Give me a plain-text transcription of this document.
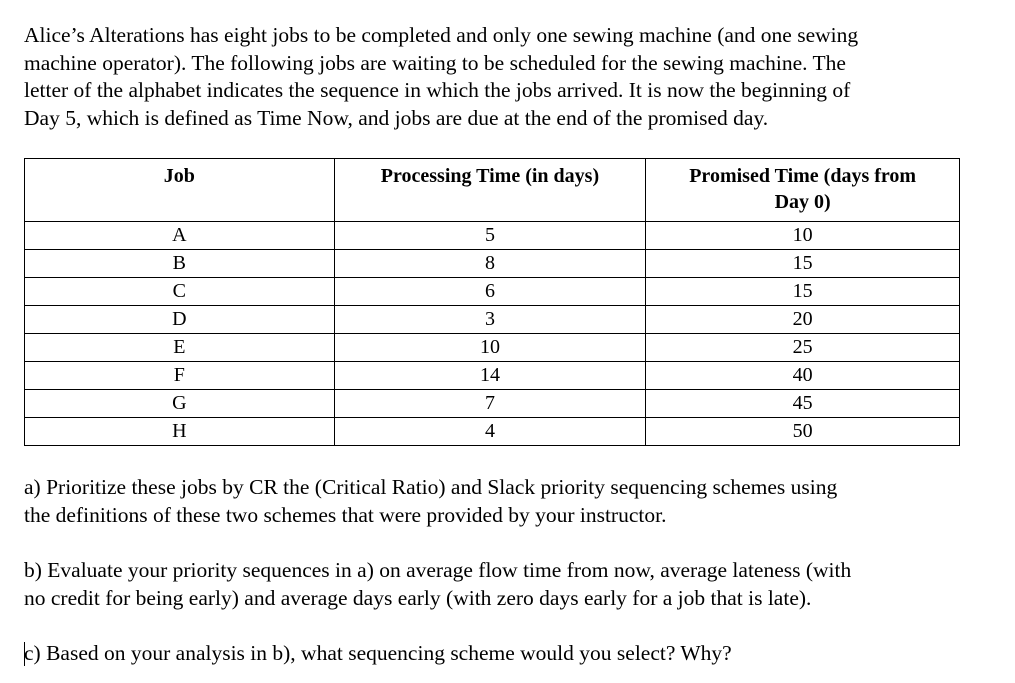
Alice’s Alterations has eight jobs to be completed and only one sewing machine (and one sewing
machine operator). The following jobs are waiting to be scheduled for the sewing machine. The
letter of the alphabet indicates the sequence in which the jobs arrived. It is now the beginning of
Day 5, which is defined as Time Now, and jobs are due at the end of the promised day.
Job	Processing Time (in days)	Promised Time (days from
Day 0)

A	5	10
B	8	15
C	6	15
D	3	20
E	10	25
F	14	40
G	7	45
H	4	50
a) Prioritize these jobs by CR the (Critical Ratio) and Slack priority sequencing schemes using
the definitions of these two schemes that were provided by your instructor.
b) Evaluate your priority sequences in a) on average flow time from now, average lateness (with
no credit for being early) and average days early (with zero days early for a job that is late).
c) Based on your analysis in b), what sequencing scheme would you select? Why?
